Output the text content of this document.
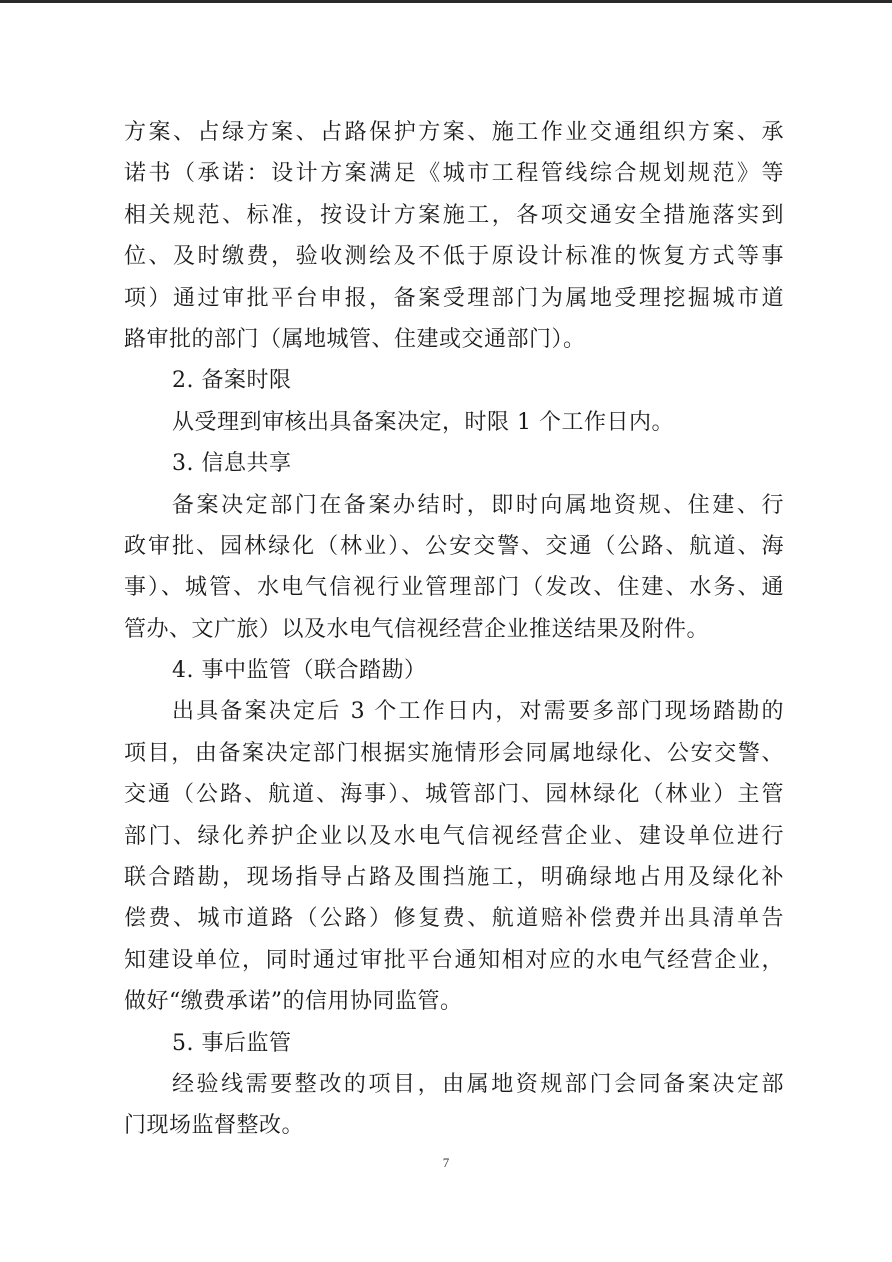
方案、占绿方案、占路保护方案、施工作业交通组织方案、承
诺书（承诺：设计方案满足《城市工程管线综合规划规范》等
相关规范、标准，按设计方案施工，各项交通安全措施落实到
位、及时缴费，验收测绘及不低于原设计标准的恢复方式等事
项）通过审批平台申报，备案受理部门为属地受理挖掘城市道
路审批的部门（属地城管、住建或交通部门）。
2. 备案时限
从受理到审核出具备案决定，时限 1 个工作日内。
3. 信息共享
备案决定部门在备案办结时，即时向属地资规、住建、行
政审批、园林绿化（林业）、公安交警、交通（公路、航道、海
事）、城管、水电气信视行业管理部门（发改、住建、水务、通
管办、文广旅）以及水电气信视经营企业推送结果及附件。
4. 事中监管（联合踏勘）
出具备案决定后 3 个工作日内，对需要多部门现场踏勘的
项目，由备案决定部门根据实施情形会同属地绿化、公安交警、
交通（公路、航道、海事）、城管部门、园林绿化（林业）主管
部门、绿化养护企业以及水电气信视经营企业、建设单位进行
联合踏勘，现场指导占路及围挡施工，明确绿地占用及绿化补
偿费、城市道路（公路）修复费、航道赔补偿费并出具清单告
知建设单位，同时通过审批平台通知相对应的水电气经营企业，
做好“缴费承诺”的信用协同监管。
5. 事后监管
经验线需要整改的项目，由属地资规部门会同备案决定部
门现场监督整改。
7
